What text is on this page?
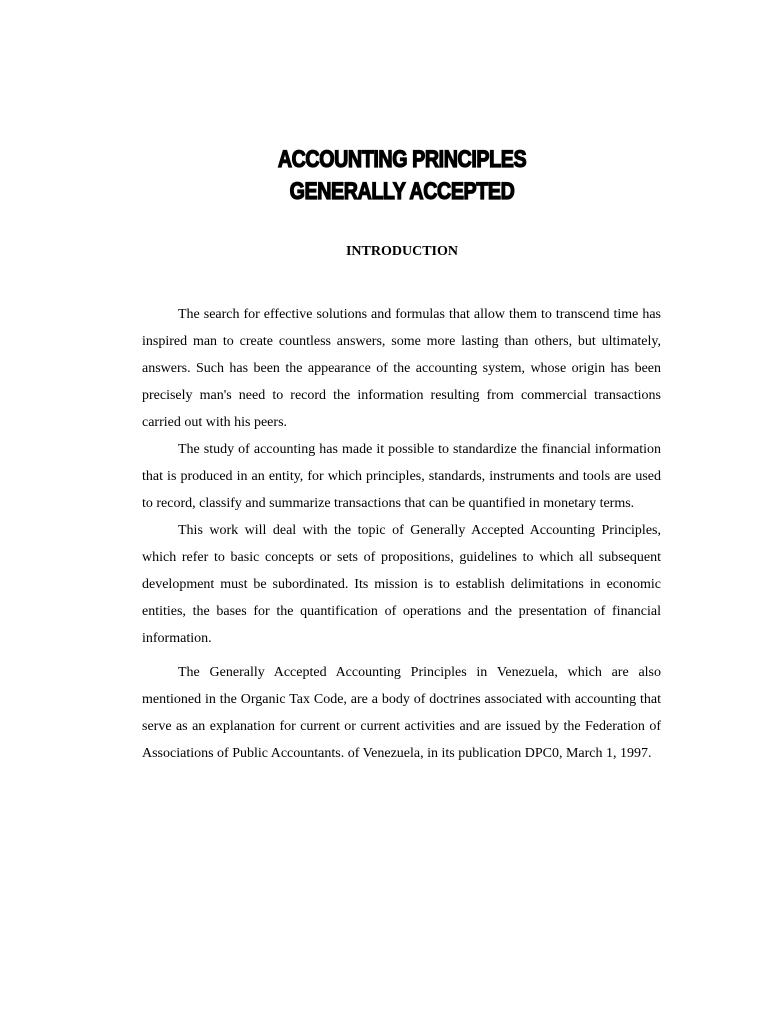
ACCOUNTING PRINCIPLES
GENERALLY ACCEPTED
INTRODUCTION

The search for effective solutions and formulas that allow them to transcend time has inspired man to create countless answers, some more lasting than others, but ultimately, answers. Such has been the appearance of the accounting system, whose origin has been precisely man's need to record the information resulting from commercial transactions carried out with his peers.

The study of accounting has made it possible to standardize the financial information that is produced in an entity, for which principles, standards, instruments and tools are used to record, classify and summarize transactions that can be quantified in monetary terms.

This work will deal with the topic of Generally Accepted Accounting Principles, which refer to basic concepts or sets of propositions, guidelines to which all subsequent development must be subordinated. Its mission is to establish delimitations in economic entities, the bases for the quantification of operations and the presentation of financial information.

The Generally Accepted Accounting Principles in Venezuela, which are also mentioned in the Organic Tax Code, are a body of doctrines associated with accounting that serve as an explanation for current or current activities and are issued by the Federation of Associations of Public Accountants. of Venezuela, in its publication DPC0, March 1, 1997.
